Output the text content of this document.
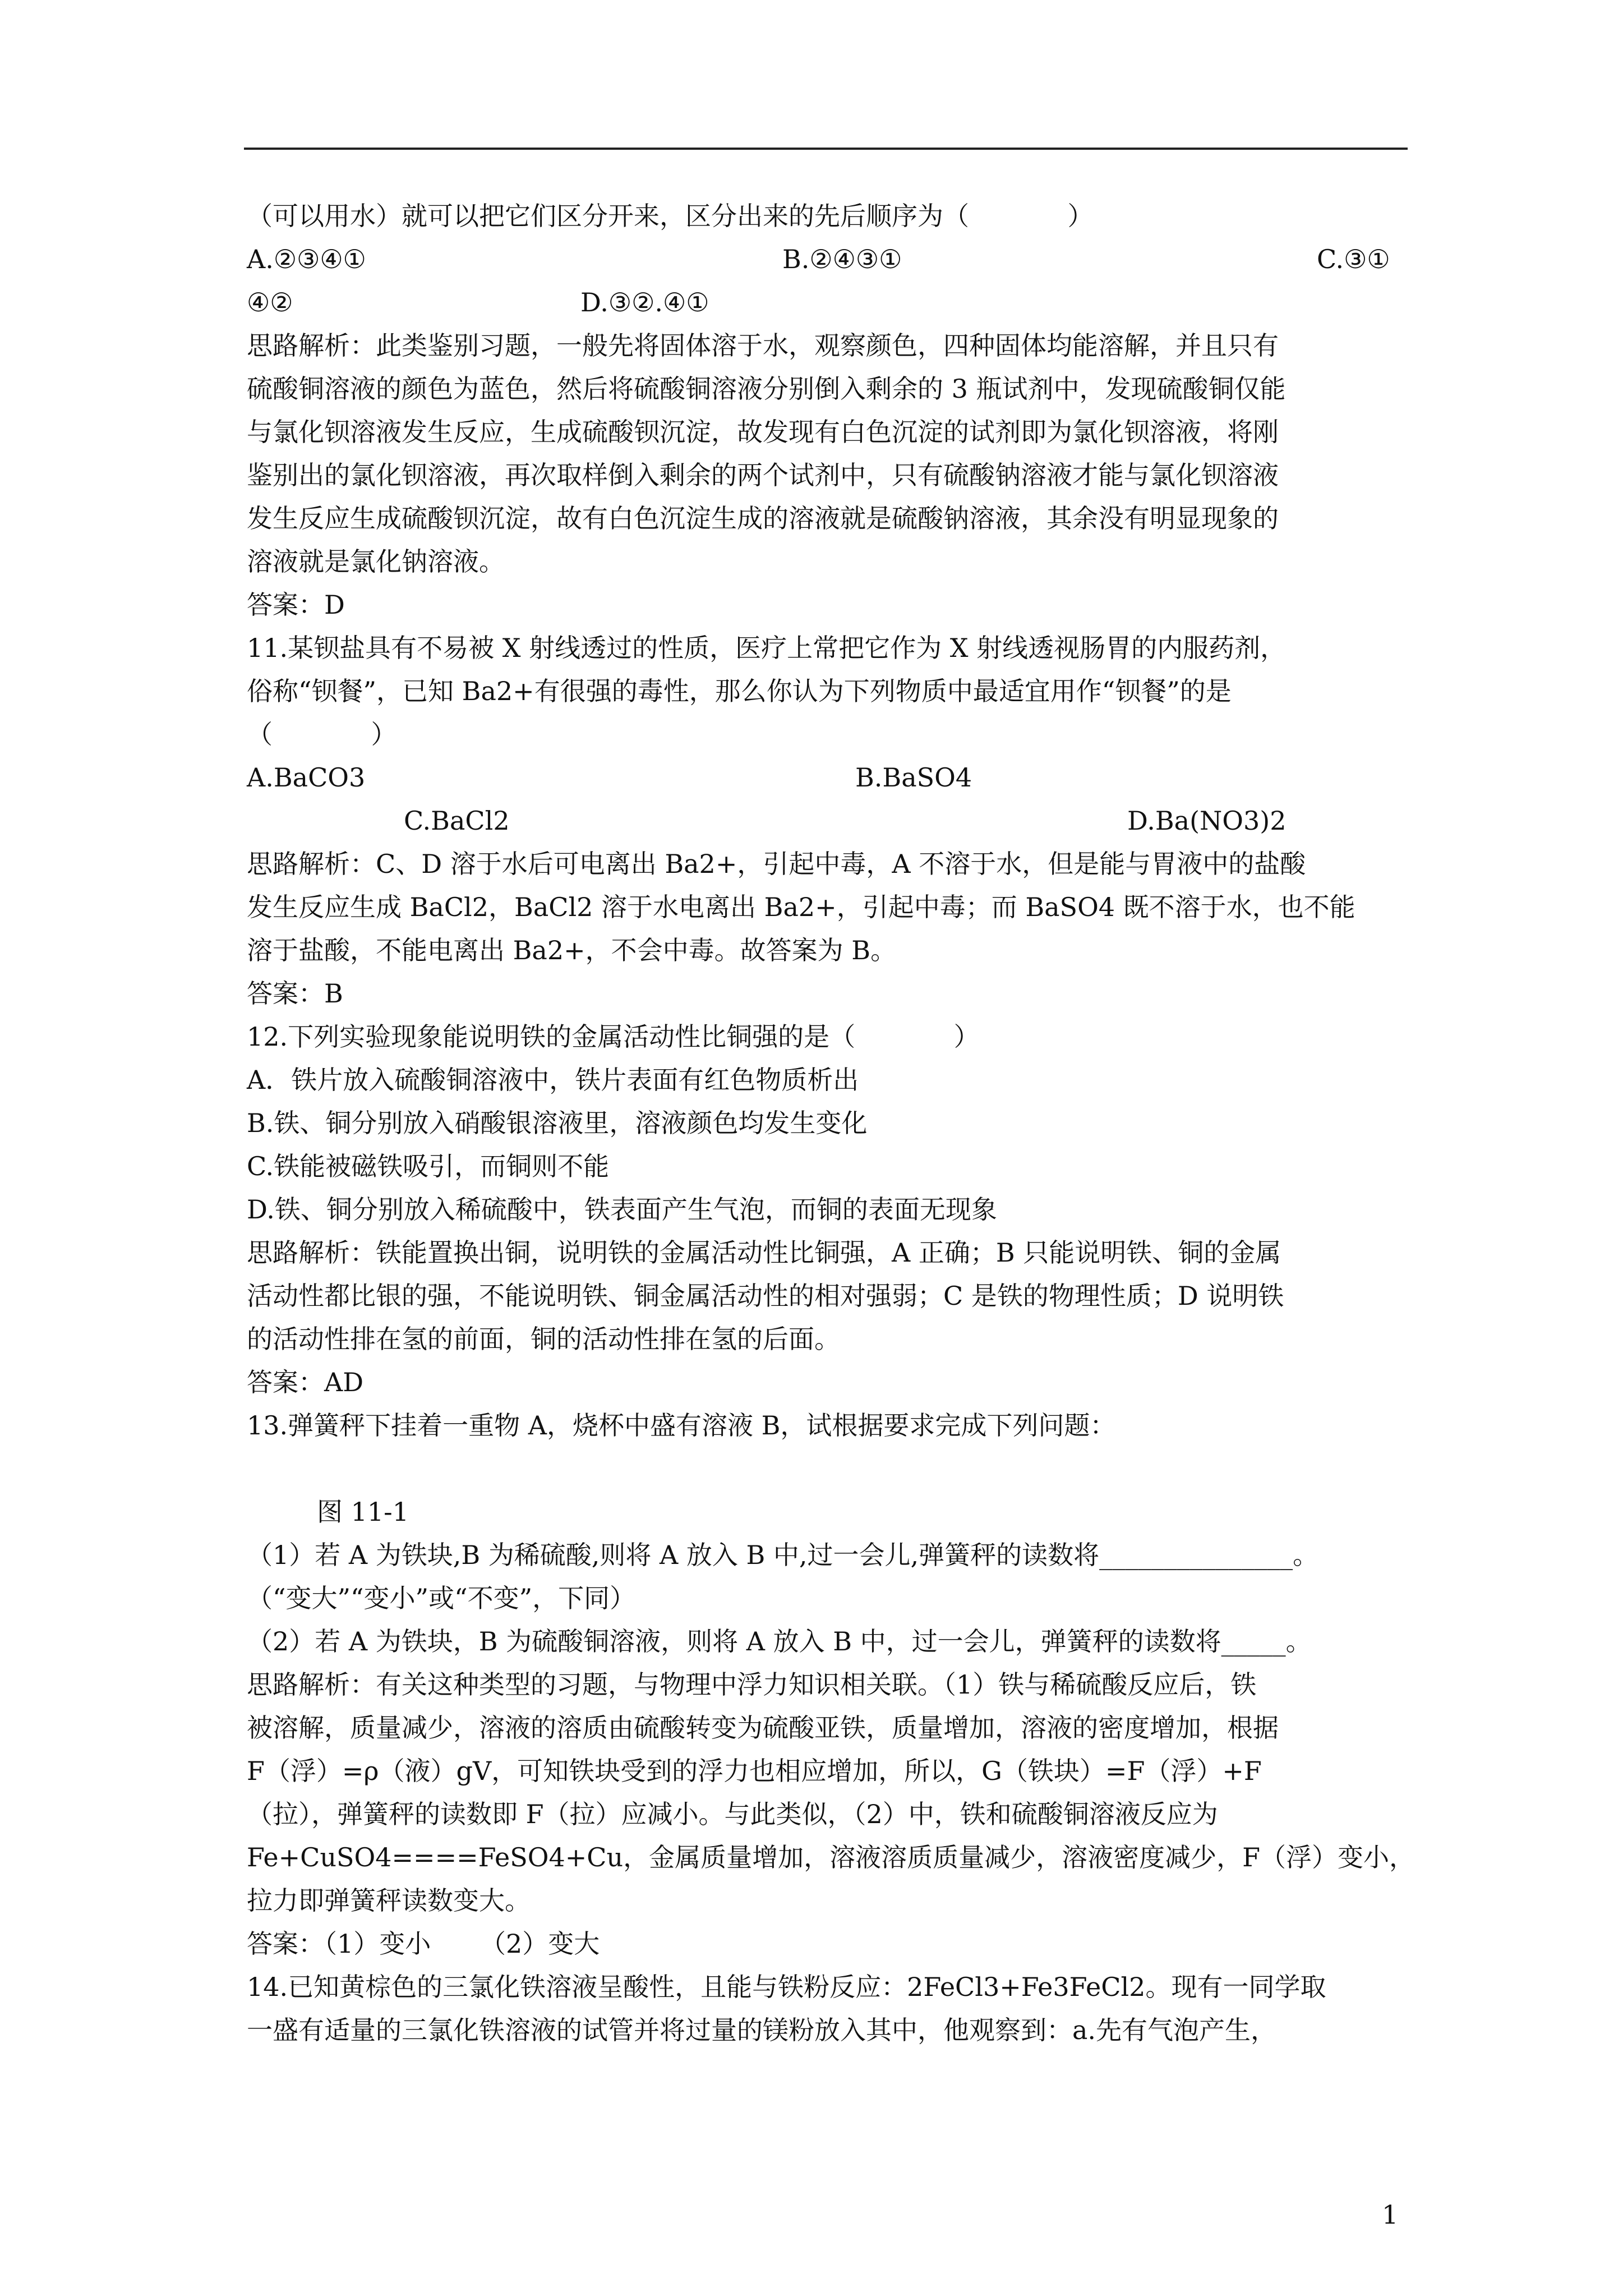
（可以用水）就可以把它们区分开来，区分出来的先后顺序为（            ）
A.②③④①	B.②④③①	C.③①
④②	D.③②.④①
思路解析：此类鉴别习题，一般先将固体溶于水，观察颜色，四种固体均能溶解，并且只有
硫酸铜溶液的颜色为蓝色，然后将硫酸铜溶液分别倒入剩余的 3 瓶试剂中，发现硫酸铜仅能
与氯化钡溶液发生反应，生成硫酸钡沉淀，故发现有白色沉淀的试剂即为氯化钡溶液，将刚
鉴别出的氯化钡溶液，再次取样倒入剩余的两个试剂中，只有硫酸钠溶液才能与氯化钡溶液
发生反应生成硫酸钡沉淀，故有白色沉淀生成的溶液就是硫酸钠溶液，其余没有明显现象的
溶液就是氯化钠溶液。
答案：D
11.某钡盐具有不易被 X 射线透过的性质，医疗上常把它作为 X 射线透视肠胃的内服药剂，
俗称“钡餐”，已知 Ba2+有很强的毒性，那么你认为下列物质中最适宜用作“钡餐”的是
（            ）
A.BaCO3	B.BaSO4
C.BaCl2	D.Ba(NO3)2
思路解析：C、D 溶于水后可电离出 Ba2+，引起中毒，A 不溶于水，但是能与胃液中的盐酸
发生反应生成 BaCl2，BaCl2 溶于水电离出 Ba2+，引起中毒；而 BaSO4 既不溶于水，也不能
溶于盐酸，不能电离出 Ba2+，不会中毒。故答案为 B。
答案：B
12.下列实验现象能说明铁的金属活动性比铜强的是（            ）
A．铁片放入硫酸铜溶液中，铁片表面有红色物质析出
B.铁、铜分别放入硝酸银溶液里，溶液颜色均发生变化
C.铁能被磁铁吸引，而铜则不能
D.铁、铜分别放入稀硫酸中，铁表面产生气泡，而铜的表面无现象
思路解析：铁能置换出铜，说明铁的金属活动性比铜强，A 正确；B 只能说明铁、铜的金属
活动性都比银的强，不能说明铁、铜金属活动性的相对强弱；C 是铁的物理性质；D 说明铁
的活动性排在氢的前面，铜的活动性排在氢的后面。
答案：AD
13.弹簧秤下挂着一重物 A，烧杯中盛有溶液 B，试根据要求完成下列问题：
图 11-1
（1）若 A 为铁块,B 为稀硫酸,则将 A 放入 B 中,过一会儿,弹簧秤的读数将_______________。
（“变大”“变小”或“不变”，下同）
（2）若 A 为铁块，B 为硫酸铜溶液，则将 A 放入 B 中，过一会儿，弹簧秤的读数将_____。
思路解析：有关这种类型的习题，与物理中浮力知识相关联。（1）铁与稀硫酸反应后，铁
被溶解，质量减少，溶液的溶质由硫酸转变为硫酸亚铁，质量增加，溶液的密度增加，根据
F（浮）=ρ（液）gV，可知铁块受到的浮力也相应增加，所以，G（铁块）=F（浮）+F
（拉），弹簧秤的读数即 F（拉）应减小。与此类似，（2）中，铁和硫酸铜溶液反应为
Fe+CuSO4====FeSO4+Cu，金属质量增加，溶液溶质质量减少，溶液密度减少，F（浮）变小，
拉力即弹簧秤读数变大。
答案：（1）变小      （2）变大
14.已知黄棕色的三氯化铁溶液呈酸性，且能与铁粉反应：2FeCl3+Fe3FeCl2。现有一同学取
一盛有适量的三氯化铁溶液的试管并将过量的镁粉放入其中，他观察到：a.先有气泡产生，
1
